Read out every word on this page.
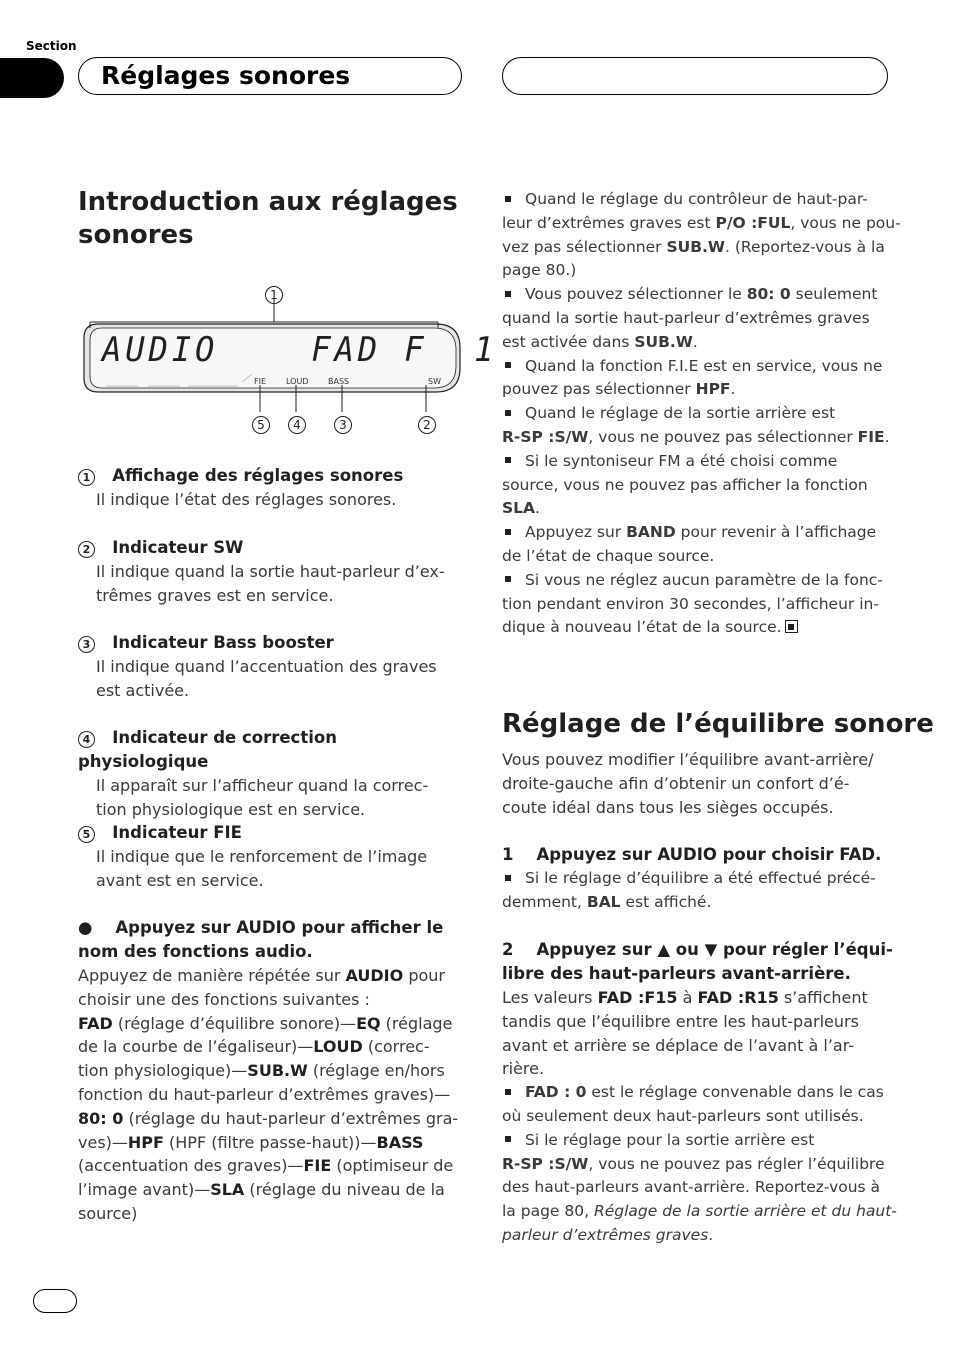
Section
Réglages sonores
Introduction aux réglages
sonores
AUDIO    FAD F  1
FIE LOUD BASS	SW
1
5	4	3	2
1 Affichage des réglages sonores
Il indique l’état des réglages sonores.
2 Indicateur SW
Il indique quand la sortie haut-parleur d’ex-
trêmes graves est en service.
3 Indicateur Bass booster
Il indique quand l’accentuation des graves
est activée.
4 Indicateur de correction physiologique
Il apparaît sur l’afficheur quand la correc-
tion physiologique est en service.
5 Indicateur FIE
Il indique que le renforcement de l’image
avant est en service.
● Appuyez sur AUDIO pour afficher le
nom des fonctions audio.
Appuyez de manière répétée sur AUDIO pour
choisir une des fonctions suivantes :
FAD (réglage d’équilibre sonore)—EQ (réglage
de la courbe de l’égaliseur)—LOUD (correc-
tion physiologique)—SUB.W (réglage en/hors
fonction du haut-parleur d’extrêmes graves)—
80: 0 (réglage du haut-parleur d’extrêmes gra-
ves)—HPF (HPF (filtre passe-haut))—BASS
(accentuation des graves)—FIE (optimiseur de
l’image avant)—SLA (réglage du niveau de la
source)
Quand le réglage du contrôleur de haut-par-
leur d’extrêmes graves est P/O :FUL, vous ne pou-
vez pas sélectionner SUB.W. (Reportez-vous à la
page 80.)
Vous pouvez sélectionner le 80: 0 seulement
quand la sortie haut-parleur d’extrêmes graves
est activée dans SUB.W.
Quand la fonction F.I.E est en service, vous ne
pouvez pas sélectionner HPF.
Quand le réglage de la sortie arrière est
R-SP :S/W, vous ne pouvez pas sélectionner FIE.
Si le syntoniseur FM a été choisi comme
source, vous ne pouvez pas afficher la fonction
SLA.
Appuyez sur BAND pour revenir à l’affichage
de l’état de chaque source.
Si vous ne réglez aucun paramètre de la fonc-
tion pendant environ 30 secondes, l’afficheur in-
dique à nouveau l’état de la source.
Réglage de l’équilibre sonore
Vous pouvez modifier l’équilibre avant-arrière/
droite-gauche afin d’obtenir un confort d’é-
coute idéal dans tous les sièges occupés.
1 Appuyez sur AUDIO pour choisir FAD.
Si le réglage d’équilibre a été effectué précé-
demment, BAL est affiché.
2 Appuyez sur ▲ ou ▼ pour régler l’équi-
libre des haut-parleurs avant-arrière.
Les valeurs FAD :F15 à FAD :R15 s’affichent
tandis que l’équilibre entre les haut-parleurs
avant et arrière se déplace de l’avant à l’ar-
rière.
FAD : 0 est le réglage convenable dans le cas
où seulement deux haut-parleurs sont utilisés.
Si le réglage pour la sortie arrière est
R-SP :S/W, vous ne pouvez pas régler l’équilibre
des haut-parleurs avant-arrière. Reportez-vous à
la page 80, Réglage de la sortie arrière et du haut-
parleur d’extrêmes graves.
